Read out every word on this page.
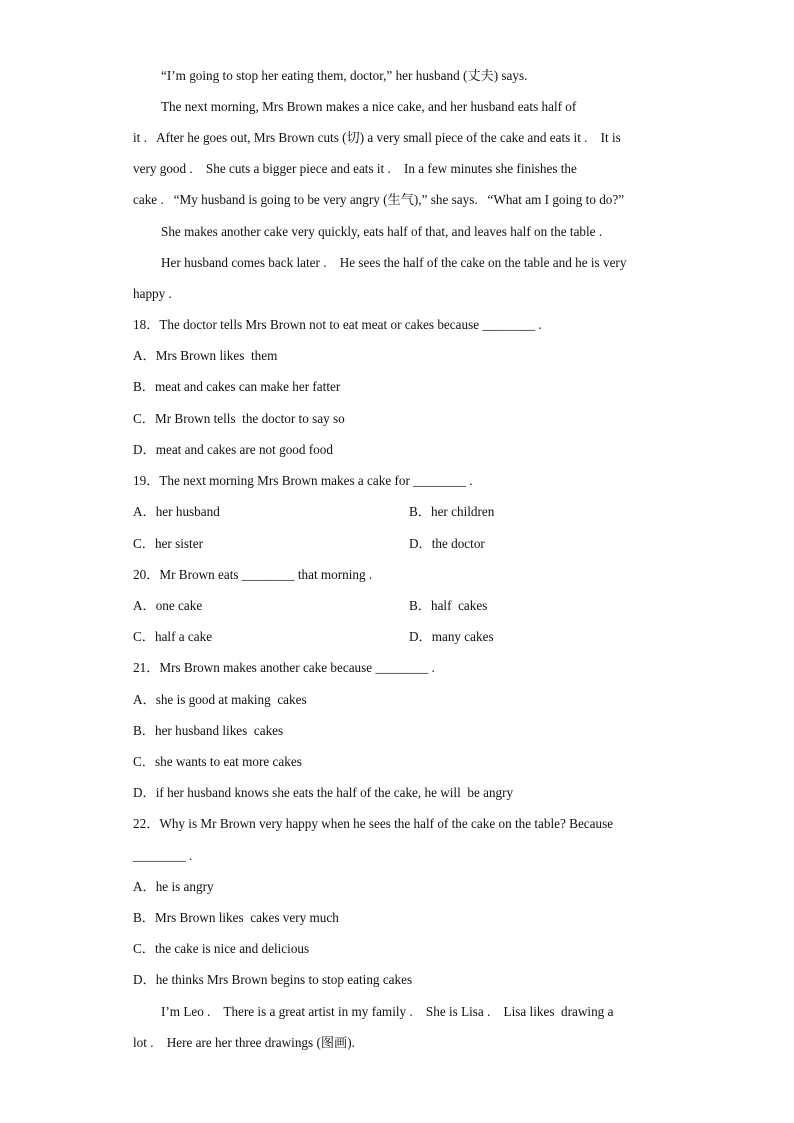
“I’m going to stop her eating them, doctor,” her husband (丈夫) says.
The next morning, Mrs Brown makes a nice cake, and her husband eats half of
it .   After he goes out, Mrs Brown cuts (切) a very small piece of the cake and eats it .    It is
very good .    She cuts a bigger piece and eats it .    In a few minutes she finishes the
cake .   “My husband is going to be very angry (生气),” she says.   “What am I going to do?”
She makes another cake very quickly, eats half of that, and leaves half on the table .
Her husband comes back later .    He sees the half of the cake on the table and he is very
happy .
18．The doctor tells Mrs Brown not to eat meat or cakes because ________ .
A．Mrs Brown likes  them
B．meat and cakes can make her fatter
C．Mr Brown tells  the doctor to say so
D．meat and cakes are not good food
19．The next morning Mrs Brown makes a cake for ________ .
A．her husband	B．her children
C．her sister	D．the doctor
20．Mr Brown eats ________ that morning .
A．one cake	B．half  cakes
C．half a cake	D．many cakes
21．Mrs Brown makes another cake because ________ .
A．she is good at making  cakes
B．her husband likes  cakes
C．she wants to eat more cakes
D．if her husband knows she eats the half of the cake, he will  be angry
22．Why is Mr Brown very happy when he sees the half of the cake on the table? Because
________ .
A．he is angry
B．Mrs Brown likes  cakes very much
C．the cake is nice and delicious
D．he thinks Mrs Brown begins to stop eating cakes
I’m Leo .    There is a great artist in my family .    She is Lisa .    Lisa likes  drawing a
lot .    Here are her three drawings (图画).
